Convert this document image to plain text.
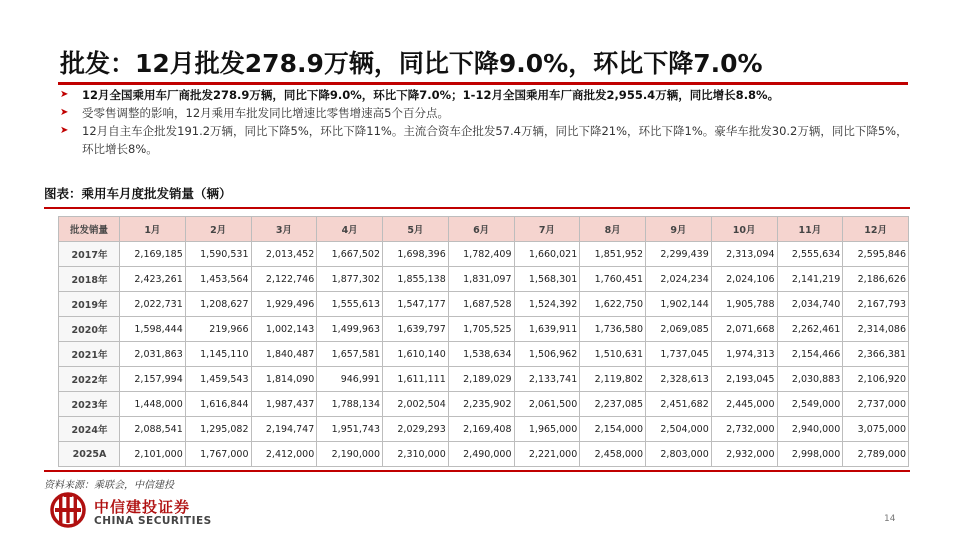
批发：12月批发278.9万辆，同比下降9.0%，环比下降7.0%
➤ 12月全国乘用车厂商批发278.9万辆，同比下降9.0%，环比下降7.0%；1-12月全国乘用车厂商批发2,955.4万辆，同比增长8.8%。
➤ 受零售调整的影响，12月乘用车批发同比增速比零售增速高5个百分点。
➤ 12月自主车企批发191.2万辆，同比下降5%，环比下降11%。主流合资车企批发57.4万辆，同比下降21%，环比下降1%。豪华车批发30.2万辆，同比下降5%，环比增长8%。
图表：乘用车月度批发销量（辆）
批发销量	1月	2月	3月	4月	5月	6月	7月	8月	9月	10月	11月	12月
2017年	2,169,185	1,590,531	2,013,452	1,667,502	1,698,396	1,782,409	1,660,021	1,851,952	2,299,439	2,313,094	2,555,634	2,595,846
2018年	2,423,261	1,453,564	2,122,746	1,877,302	1,855,138	1,831,097	1,568,301	1,760,451	2,024,234	2,024,106	2,141,219	2,186,626
2019年	2,022,731	1,208,627	1,929,496	1,555,613	1,547,177	1,687,528	1,524,392	1,622,750	1,902,144	1,905,788	2,034,740	2,167,793
2020年	1,598,444	219,966	1,002,143	1,499,963	1,639,797	1,705,525	1,639,911	1,736,580	2,069,085	2,071,668	2,262,461	2,314,086
2021年	2,031,863	1,145,110	1,840,487	1,657,581	1,610,140	1,538,634	1,506,962	1,510,631	1,737,045	1,974,313	2,154,466	2,366,381
2022年	2,157,994	1,459,543	1,814,090	946,991	1,611,111	2,189,029	2,133,741	2,119,802	2,328,613	2,193,045	2,030,883	2,106,920
2023年	1,448,000	1,616,844	1,987,437	1,788,134	2,002,504	2,235,902	2,061,500	2,237,085	2,451,682	2,445,000	2,549,000	2,737,000
2024年	2,088,541	1,295,082	2,194,747	1,951,743	2,029,293	2,169,408	1,965,000	2,154,000	2,504,000	2,732,000	2,940,000	3,075,000
2025A	2,101,000	1,767,000	2,412,000	2,190,000	2,310,000	2,490,000	2,221,000	2,458,000	2,803,000	2,932,000	2,998,000	2,789,000
资料来源：乘联会，中信建投
中信建投证券
CHINA SECURITIES	14
